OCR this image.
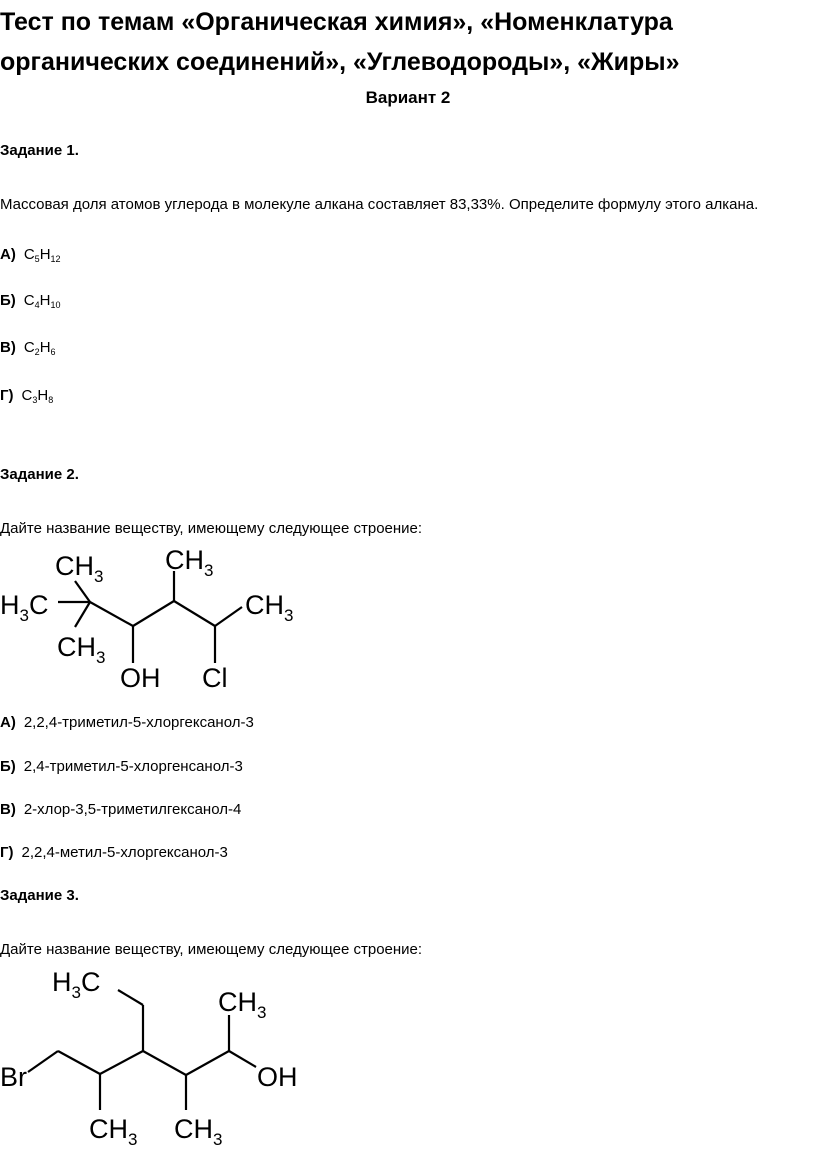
Тест по темам «Органическая химия», «Номенклатура органических соединений», «Углеводороды», «Жиры»
Вариант 2
Задание 1.
Массовая доля атомов углерода в молекуле алкана составляет 83,33%. Определите формулу этого алкана.
А) $C_5H_{12}$
Б) $C_4H_{10}$
В) $C_2H_6$
Г) $C_3H_8$
Задание 2.
Дайте название веществу, имеющему следующее строение:
$CH_3$
$CH_3$
$H_3C$	$CH_3$
$CH_3$
OH Cl
А) 2,2,4-триметил-5-хлоргексанол-3
Б) 2,4-триметил-5-хлоргенсанол-3
В) 2-хлор-3,5-триметилгексанол-4
Г) 2,2,4-метил-5-хлоргексанол-3
Задание 3.
Дайте название веществу, имеющему следующее строение:
$H_3C$
$CH_3$
Br	OH
$CH_3$ $CH_3$
